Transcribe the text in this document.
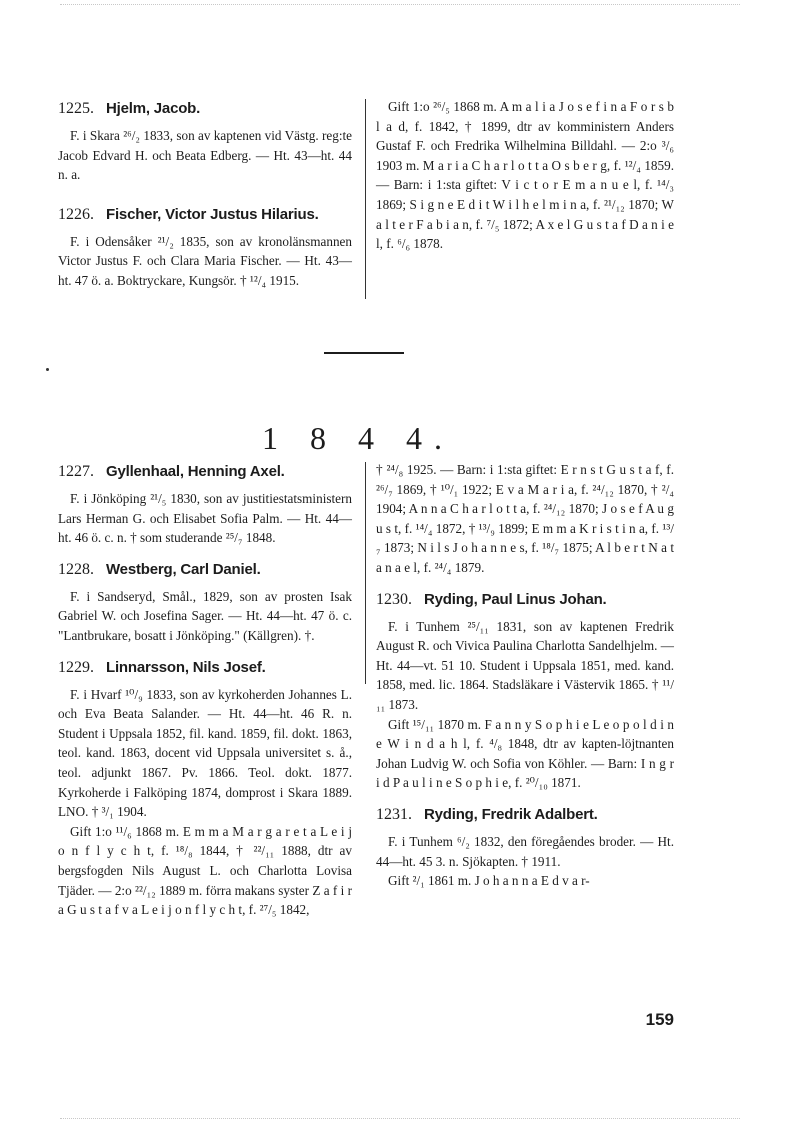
1225. Hjelm, Jacob.

F. i Skara ²⁶/₂ 1833, son av kaptenen vid Västg. reg:te Jacob Edvard H. och Beata Edberg. — Ht. 43—ht. 44 n. a.

1226. Fischer, Victor Justus Hilarius.

F. i Odensåker ²¹/₂ 1835, son av kronolänsmannen Victor Justus F. och Clara Maria Fischer. — Ht. 43—ht. 47 ö. a. Boktryckare, Kungsör. † ¹²/₄ 1915.

Gift 1:o ²⁶/₅ 1868 m. A m a l i a J o s e f i n a F o r s b l a d, f. 1842, † 1899, dtr av komministern Anders Gustaf F. och Fredrika Wilhelmina Billdahl. — 2:o ³/₆ 1903 m. M a r i a C h a r l o t t a O s b e r g, f. ¹²/₄ 1859. — Barn: i 1:sta giftet: V i c t o r E m a n u e l, f. ¹⁴/₃ 1869; S i g n e E d i t W i l h e l m i n a, f. ²¹/₁₂ 1870; W a l t e r F a b i a n, f. ⁷/₅ 1872; A x e l G u s t a f D a n i e l, f. ⁶/₆ 1878.

1 8 4 4.
1227. Gyllenhaal, Henning Axel.

F. i Jönköping ²¹/₅ 1830, son av justitiestatsministern Lars Herman G. och Elisabet Sofia Palm. — Ht. 44—ht. 46 ö. c. n. † som studerande ²⁵/₇ 1848.

1228. Westberg, Carl Daniel.

F. i Sandseryd, Smål., 1829, son av prosten Isak Gabriel W. och Josefina Sager. — Ht. 44—ht. 47 ö. c. "Lantbrukare, bosatt i Jönköping." (Källgren). †.

1229. Linnarsson, Nils Josef.

F. i Hvarf ¹⁰/₉ 1833, son av kyrkoherden Johannes L. och Eva Beata Salander. — Ht. 44—ht. 46 R. n. Student i Uppsala 1852, fil. kand. 1859, fil. dokt. 1863, teol. kand. 1863, docent vid Uppsala universitet s. å., teol. adjunkt 1867. Pv. 1866. Teol. dokt. 1877. Kyrkoherde i Falköping 1874, domprost i Skara 1889. LNO. † ³/₁ 1904.

Gift 1:o ¹¹/₆ 1868 m. E m m a M a r g a r e t a L e i j o n f l y c h t, f. ¹⁸/₈ 1844, † ²²/₁₁ 1888, dtr av bergsfogden Nils August L. och Charlotta Lovisa Tjäder. — 2:o ²²/₁₂ 1889 m. förra makans syster Z a f i r a G u s t a f v a L e i j o n f l y c h t, f. ²⁷/₅ 1842,

† ²⁴/₈ 1925. — Barn: i 1:sta giftet: E r n s t G u s t a f, f. ²⁶/₇ 1869, † ¹⁰/₁ 1922; E v a M a r i a, f. ²⁴/₁₂ 1870, † ²/₄ 1904; A n n a C h a r l o t t a, f. ²⁴/₁₂ 1870; J o s e f A u g u s t, f. ¹⁴/₄ 1872, † ¹³/₉ 1899; E m m a K r i s t i n a, f. ¹³/₇ 1873; N i l s J o h a n n e s, f. ¹⁸/₇ 1875; A l b e r t N a t a n a e l, f. ²⁴/₄ 1879.

1230. Ryding, Paul Linus Johan.

F. i Tunhem ²⁵/₁₁ 1831, son av kaptenen Fredrik August R. och Vivica Paulina Charlotta Sandelhjelm. — Ht. 44—vt. 51 10. Student i Uppsala 1851, med. kand. 1858, med. lic. 1864. Stadsläkare i Västervik 1865. † ¹¹/₁₁ 1873.

Gift ¹⁵/₁₁ 1870 m. F a n n y S o p h i e L e o p o l d i n e W i n d a h l, f. ⁴/₈ 1848, dtr av kapten-löjtnanten Johan Ludvig W. och Sofia von Köhler. — Barn: I n g r i d P a u l i n e S o p h i e, f. ²⁰/₁₀ 1871.

1231. Ryding, Fredrik Adalbert.

F. i Tunhem ⁶/₂ 1832, den föregåendes broder. — Ht. 44—ht. 45 3. n. Sjökapten. † 1911.

Gift ²/₁ 1861 m. J o h a n n a E d v a r-

159
